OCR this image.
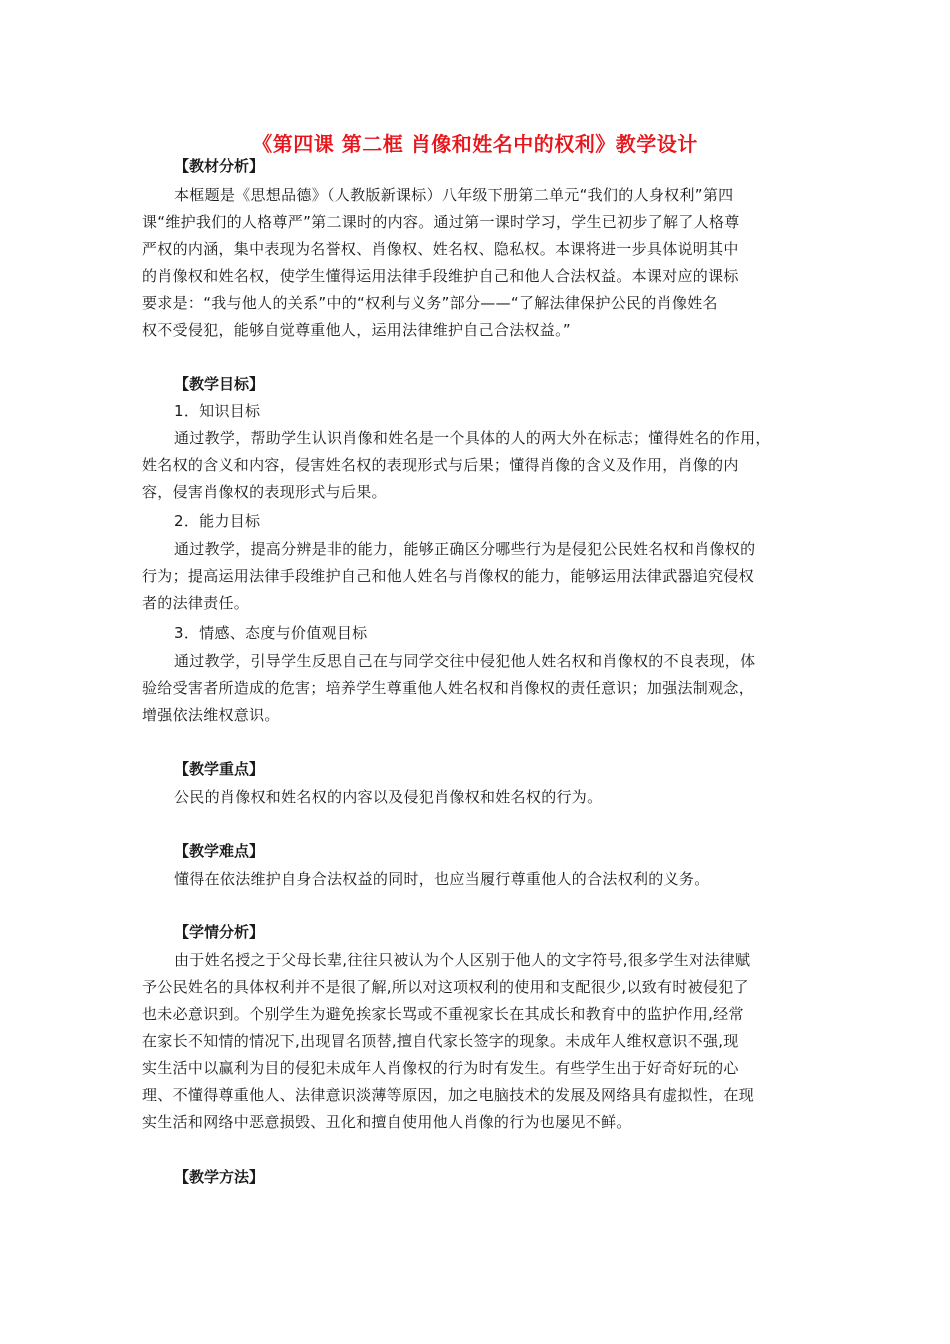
《第四课 第二框 肖像和姓名中的权利》教学设计
【教材分析】
本框题是《思想品德》（人教版新课标）八年级下册第二单元“我们的人身权利”第四
课“维护我们的人格尊严”第二课时的内容。通过第一课时学习，学生已初步了解了人格尊
严权的内涵，集中表现为名誉权、肖像权、姓名权、隐私权。本课将进一步具体说明其中
的肖像权和姓名权，使学生懂得运用法律手段维护自己和他人合法权益。本课对应的课标
要求是：“我与他人的关系”中的“权利与义务”部分——“了解法律保护公民的肖像姓名
权不受侵犯，能够自觉尊重他人，运用法律维护自己合法权益。”
【教学目标】
1．知识目标
通过教学，帮助学生认识肖像和姓名是一个具体的人的两大外在标志；懂得姓名的作用，
姓名权的含义和内容，侵害姓名权的表现形式与后果；懂得肖像的含义及作用，肖像的内
容，侵害肖像权的表现形式与后果。
2．能力目标
通过教学，提高分辨是非的能力，能够正确区分哪些行为是侵犯公民姓名权和肖像权的
行为；提高运用法律手段维护自己和他人姓名与肖像权的能力，能够运用法律武器追究侵权
者的法律责任。
3．情感、态度与价值观目标
通过教学，引导学生反思自己在与同学交往中侵犯他人姓名权和肖像权的不良表现，体
验给受害者所造成的危害；培养学生尊重他人姓名权和肖像权的责任意识；加强法制观念，
增强依法维权意识。
【教学重点】
公民的肖像权和姓名权的内容以及侵犯肖像权和姓名权的行为。
【教学难点】
懂得在依法维护自身合法权益的同时，也应当履行尊重他人的合法权利的义务。
【学情分析】
由于姓名授之于父母长辈,往往只被认为个人区别于他人的文字符号,很多学生对法律赋
予公民姓名的具体权利并不是很了解,所以对这项权利的使用和支配很少,以致有时被侵犯了
也未必意识到。个别学生为避免挨家长骂或不重视家长在其成长和教育中的监护作用,经常
在家长不知情的情况下,出现冒名顶替,擅自代家长签字的现象。未成年人维权意识不强,现
实生活中以赢利为目的侵犯未成年人肖像权的行为时有发生。有些学生出于好奇好玩的心
理、不懂得尊重他人、法律意识淡薄等原因，加之电脑技术的发展及网络具有虚拟性，在现
实生活和网络中恶意损毁、丑化和擅自使用他人肖像的行为也屡见不鲜。
【教学方法】
